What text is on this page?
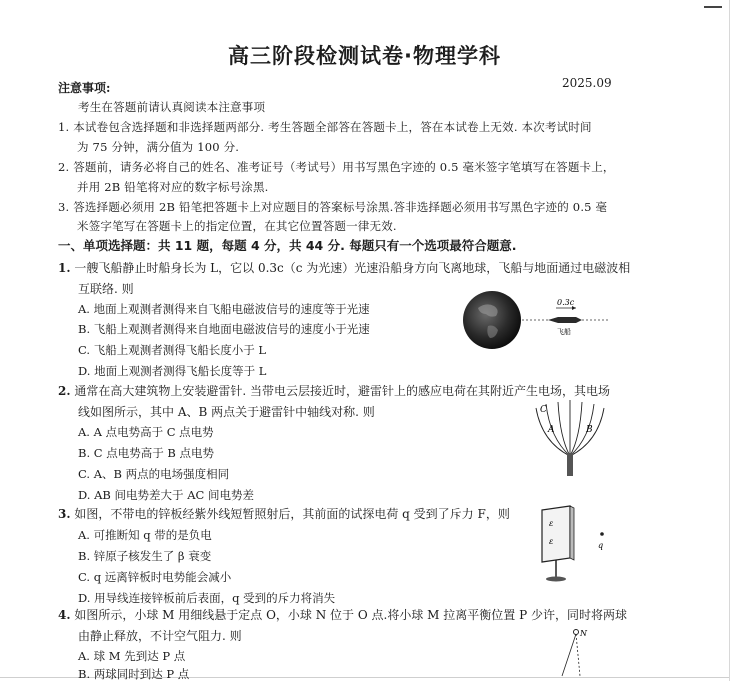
高三阶段检测试卷·物理学科
注意事项:	2025.09
考生在答题前请认真阅读本注意事项
1. 本试卷包含选择题和非选择题两部分. 考生答题全部答在答题卡上，答在本试卷上无效. 本次考试时间
为 75 分钟，满分值为 100 分.
2. 答题前，请务必将自己的姓名、准考证号（考试号）用书写黑色字迹的 0.5 毫米签字笔填写在答题卡上，
并用 2B 铅笔将对应的数字标号涂黑.
3. 答选择题必须用 2B 铅笔把答题卡上对应题目的答案标号涂黑.答非选择题必须用书写黑色字迹的 0.5 毫
米签字笔写在答题卡上的指定位置，在其它位置答题一律无效.
一、单项选择题：共 11 题，每题 4 分，共 44 分. 每题只有一个选项最符合题意.
1. 一艘飞船静止时船身长为 L，它以 0.3c（c 为光速）光速沿船身方向飞离地球，飞船与地面通过电磁波相
互联络. 则
A. 地面上观测者测得来自飞船电磁波信号的速度等于光速
B. 飞船上观测者测得来自地面电磁波信号的速度小于光速
C. 飞船上观测者测得飞船长度小于 L
D. 地面上观测者测得飞船长度等于 L
0.3c
飞船
2. 通常在高大建筑物上安装避雷针. 当带电云层接近时，避雷针上的感应电荷在其附近产生电场，其电场
线如图所示，其中 A、B 两点关于避雷针中轴线对称. 则
A. A 点电势高于 C 点电势
B. C 点电势高于 B 点电势
C. A、B 两点的电场强度相同
D. AB 间电势差大于 AC 间电势差
C
A	B
3. 如图，不带电的锌板经紫外线短暂照射后，其前面的试探电荷 q 受到了斥力 F，则
A. 可推断知 q 带的是负电
B. 锌原子核发生了 β 衰变
C. q 远离锌板时电势能会减小
D. 用导线连接锌板前后表面，q 受到的斥力将消失
ε
ε	q
4. 如图所示，小球 M 用细线悬于定点 O，小球 N 位于 O 点.将小球 M 拉离平衡位置 P 少许，同时将两球
由静止释放，不计空气阻力. 则
A. 球 M 先到达 P 点
B. 两球同时到达 P 点
N
